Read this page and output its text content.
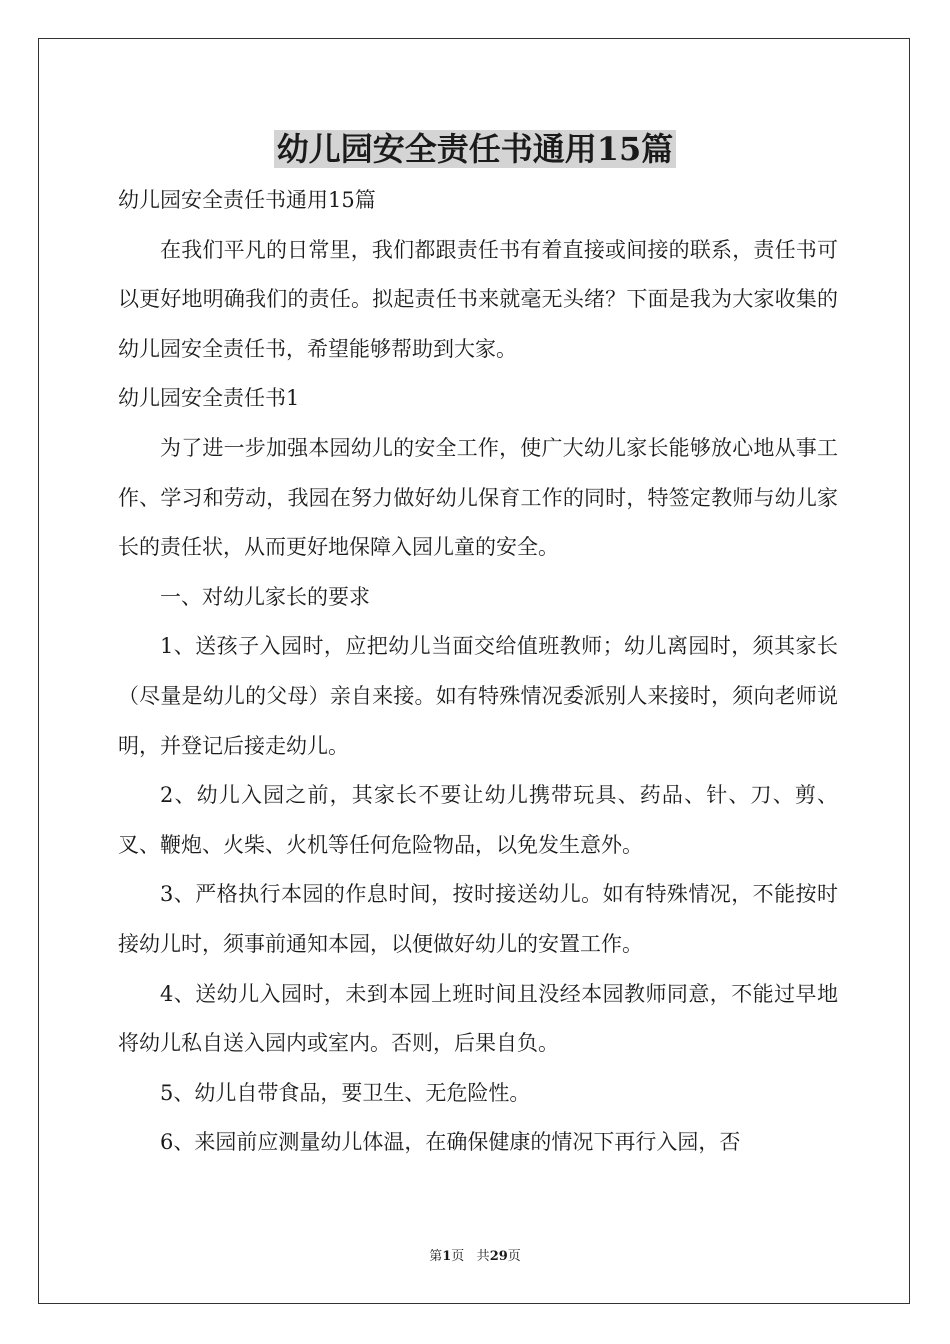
幼儿园安全责任书通用15篇

幼儿园安全责任书通用15篇

在我们平凡的日常里，我们都跟责任书有着直接或间接的联系，责任书可以更好地明确我们的责任。拟起责任书来就毫无头绪？下面是我为大家收集的幼儿园安全责任书，希望能够帮助到大家。

幼儿园安全责任书1

为了进一步加强本园幼儿的安全工作，使广大幼儿家长能够放心地从事工作、学习和劳动，我园在努力做好幼儿保育工作的同时，特签定教师与幼儿家长的责任状，从而更好地保障入园儿童的安全。

一、对幼儿家长的要求

1、送孩子入园时，应把幼儿当面交给值班教师；幼儿离园时，须其家长（尽量是幼儿的父母）亲自来接。如有特殊情况委派别人来接时，须向老师说明，并登记后接走幼儿。

2、幼儿入园之前，其家长不要让幼儿携带玩具、药品、针、刀、剪、叉、鞭炮、火柴、火机等任何危险物品，以免发生意外。

3、严格执行本园的作息时间，按时接送幼儿。如有特殊情况，不能按时接幼儿时，须事前通知本园，以便做好幼儿的安置工作。

4、送幼儿入园时，未到本园上班时间且没经本园教师同意，不能过早地将幼儿私自送入园内或室内。否则，后果自负。

5、幼儿自带食品，要卫生、无危险性。

6、来园前应测量幼儿体温，在确保健康的情况下再行入园，否

第1页 共29页
